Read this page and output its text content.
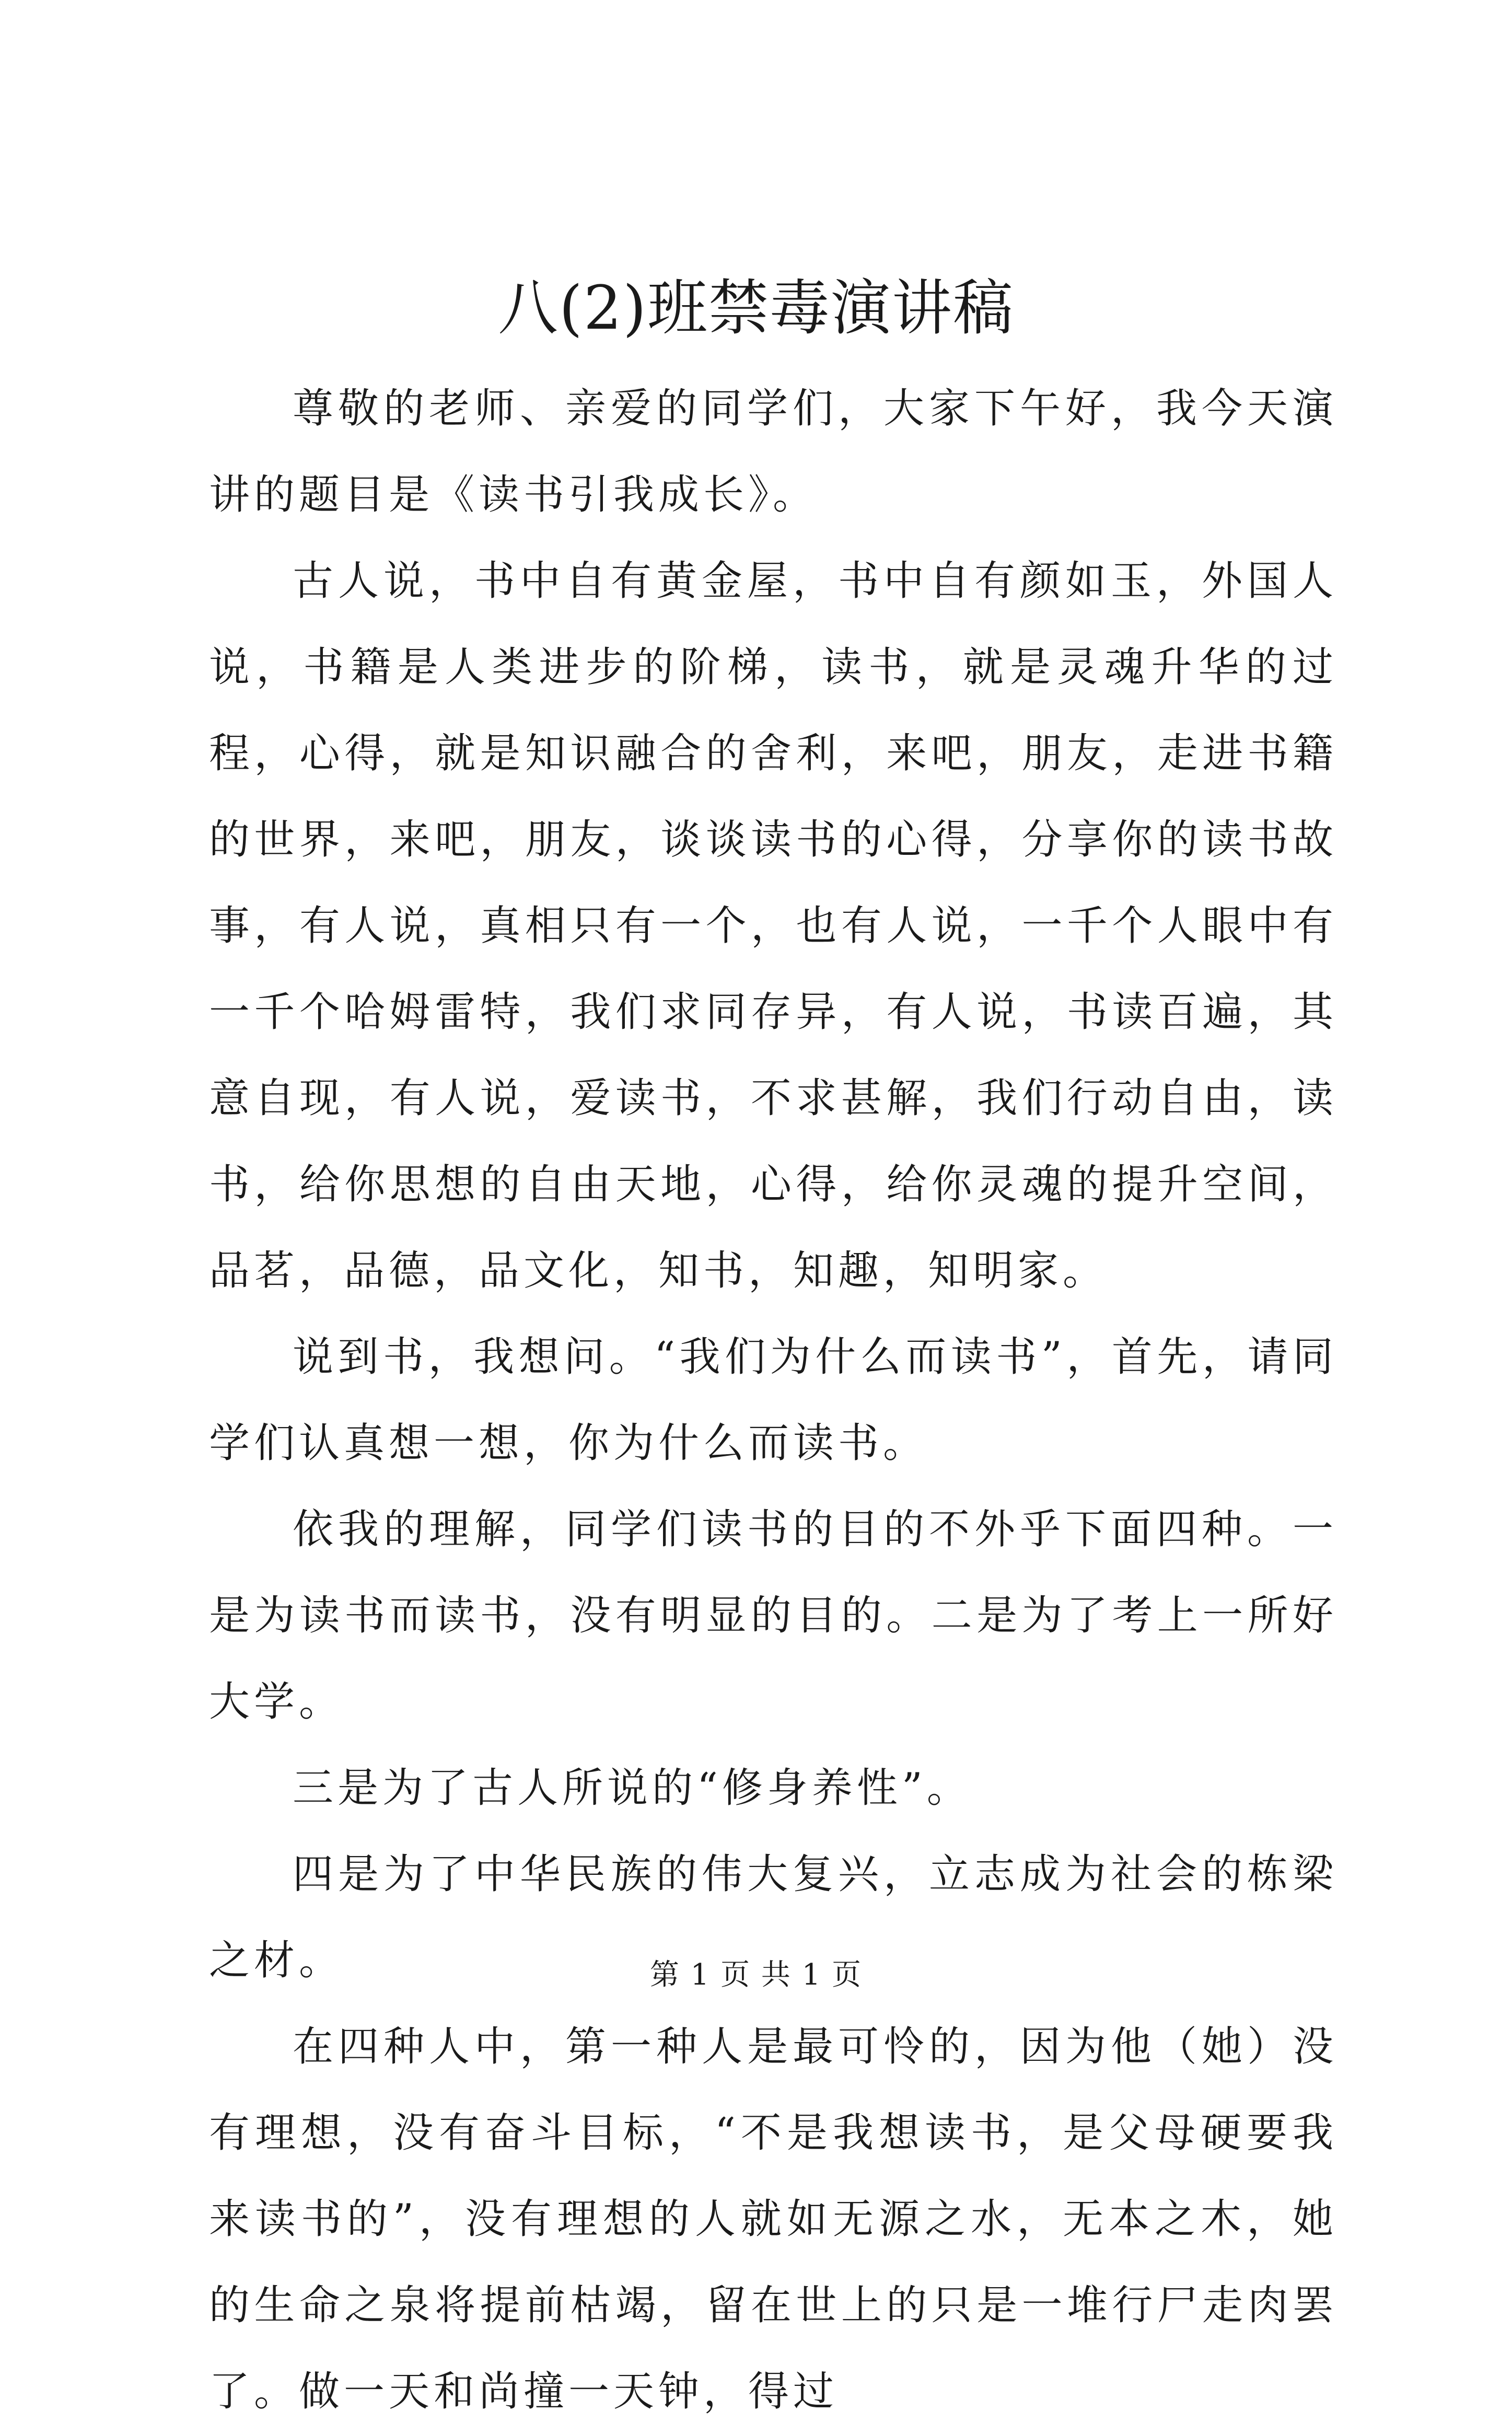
八(2)班禁毒演讲稿

尊敬的老师、亲爱的同学们，大家下午好，我今天演讲的题目是《读书引我成长》。

古人说，书中自有黄金屋，书中自有颜如玉，外国人说，书籍是人类进步的阶梯，读书，就是灵魂升华的过程，心得，就是知识融合的舍利，来吧，朋友，走进书籍的世界，来吧，朋友，谈谈读书的心得，分享你的读书故事，有人说，真相只有一个，也有人说，一千个人眼中有一千个哈姆雷特，我们求同存异，有人说，书读百遍，其意自现，有人说，爱读书，不求甚解，我们行动自由，读书，给你思想的自由天地，心得，给你灵魂的提升空间，品茗，品德，品文化，知书，知趣，知明家。

说到书，我想问。“我们为什么而读书”，首先，请同学们认真想一想，你为什么而读书。

依我的理解，同学们读书的目的不外乎下面四种。一是为读书而读书，没有明显的目的。二是为了考上一所好大学。

三是为了古人所说的“修身养性”。

四是为了中华民族的伟大复兴，立志成为社会的栋梁之材。

在四种人中，第一种人是最可怜的，因为他（她）没有理想，没有奋斗目标，“不是我想读书，是父母硬要我来读书的”，没有理想的人就如无源之水，无本之木，她的生命之泉将提前枯竭，留在世上的只是一堆行尸走肉罢了。做一天和尚撞一天钟，得过

第 1 页 共 1 页
